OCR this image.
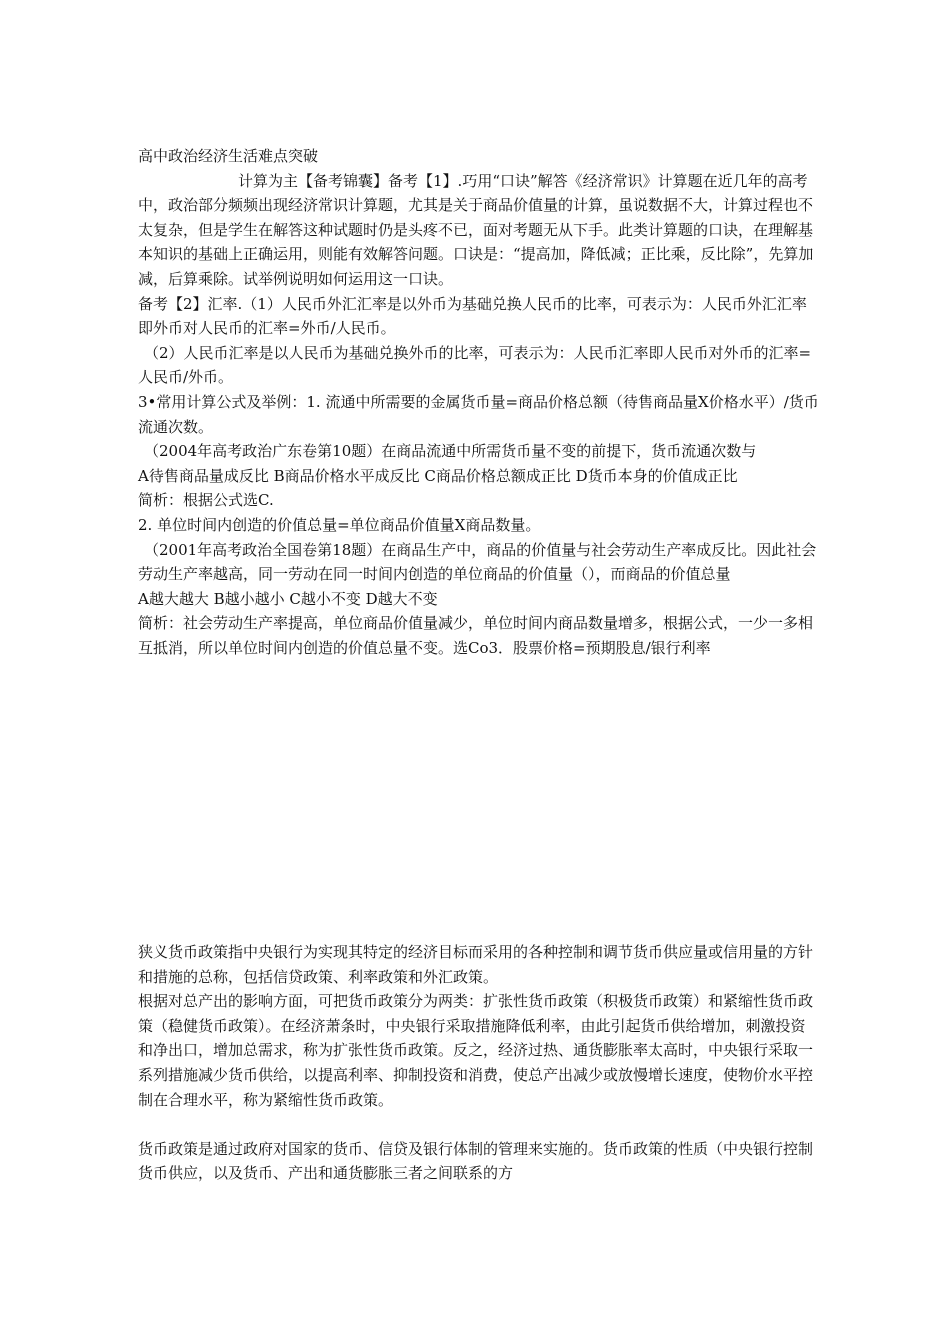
高中政治经济生活难点突破

计算为主【备考锦囊】备考【1】.巧用“口诀”解答《经济常识》计算题在近几年的高考中，政治部分频频出现经济常识计算题，尤其是关于商品价值量的计算，虽说数据不大，计算过程也不太复杂，但是学生在解答这种试题时仍是头疼不已，面对考题无从下手。此类计算题的口诀，在理解基本知识的基础上正确运用，则能有效解答问题。口诀是：“提高加，降低减；正比乘，反比除”，先算加减，后算乘除。试举例说明如何运用这一口诀。

备考【2】汇率.（1）人民币外汇汇率是以外币为基础兑换人民币的比率，可表示为：人民币外汇汇率即外币对人民币的汇率=外币/人民币。

（2）人民币汇率是以人民币为基础兑换外币的比率，可表示为：人民币汇率即人民币对外币的汇率=人民币/外币。

3•常用计算公式及举例：1. 流通中所需要的金属货币量=商品价格总额（待售商品量X价格水平）/货币流通次数。

（2004年高考政治广东卷第10题）在商品流通中所需货币量不变的前提下，货币流通次数与

A待售商品量成反比 B商品价格水平成反比 C商品价格总额成正比 D货币本身的价值成正比

简析：根据公式选C.

2. 单位时间内创造的价值总量=单位商品价值量X商品数量。

（2001年高考政治全国卷第18题）在商品生产中，商品的价值量与社会劳动生产率成反比。因此社会劳动生产率越高，同一劳动在同一时间内创造的单位商品的价值量（），而商品的价值总量

A越大越大 B越小越小 C越小不变 D越大不变

简析：社会劳动生产率提高，单位商品价值量减少，单位时间内商品数量增多，根据公式，一少一多相互抵消，所以单位时间内创造的价值总量不变。选Co3．股票价格=预期股息/银行利率

狭义货币政策指中央银行为实现其特定的经济目标而采用的各种控制和调节货币供应量或信用量的方针和措施的总称，包括信贷政策、利率政策和外汇政策。

根据对总产出的影响方面，可把货币政策分为两类：扩张性货币政策（积极货币政策）和紧缩性货币政策（稳健货币政策）。在经济萧条时，中央银行采取措施降低利率，由此引起货币供给增加，刺激投资和净出口，增加总需求，称为扩张性货币政策。反之，经济过热、通货膨胀率太高时，中央银行采取一系列措施减少货币供给，以提高利率、抑制投资和消费，使总产出减少或放慢增长速度，使物价水平控制在合理水平，称为紧缩性货币政策。

货币政策是通过政府对国家的货币、信贷及银行体制的管理来实施的。货币政策的性质（中央银行控制货币供应，以及货币、产出和通货膨胀三者之间联系的方
